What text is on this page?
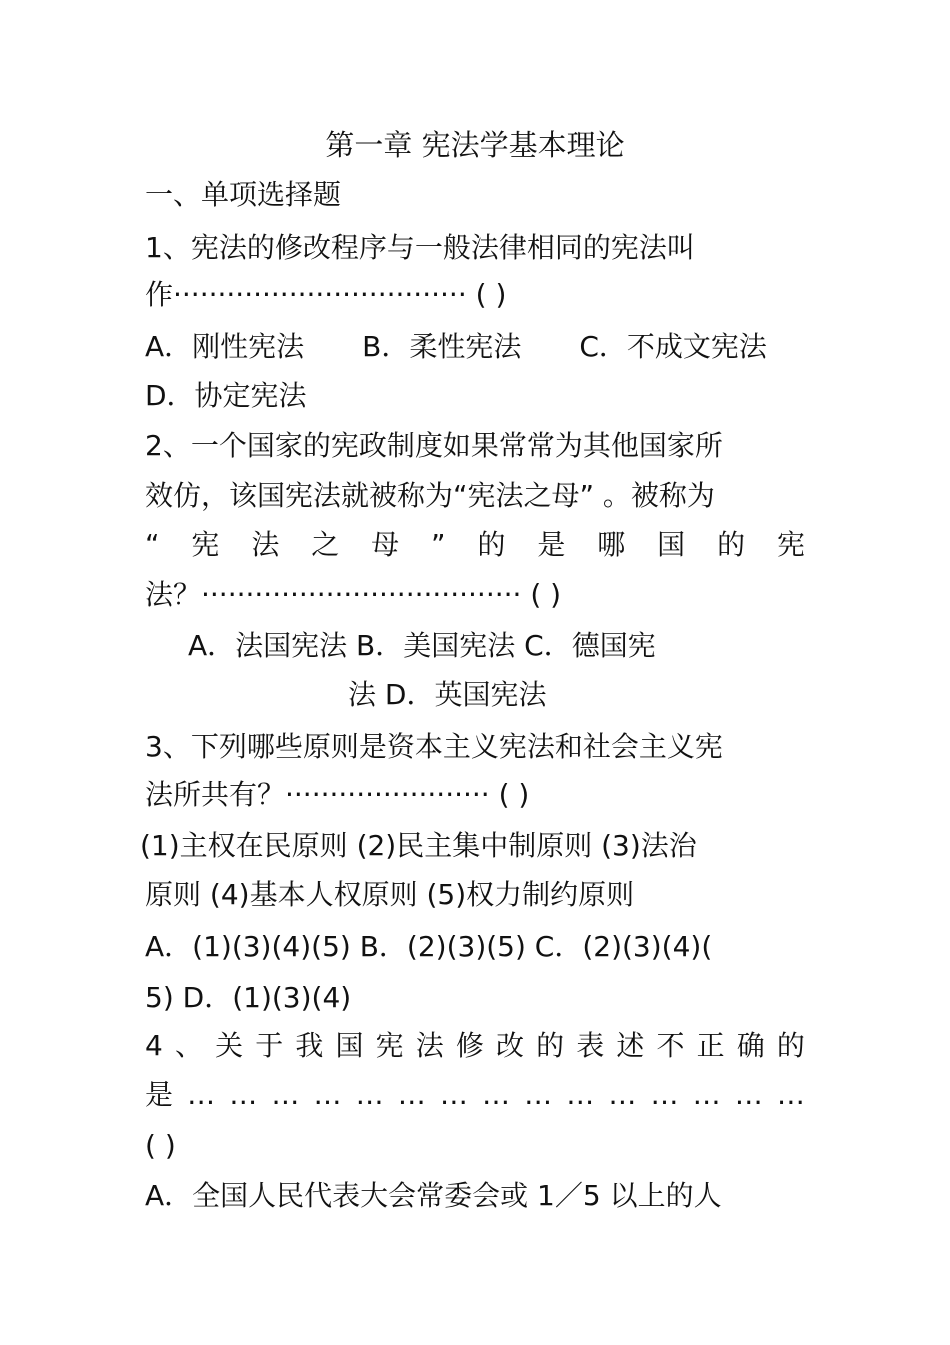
第一章 宪法学基本理论
一、单项选择题
1、宪法的修改程序与一般法律相同的宪法叫
作································· ( )
A．刚性宪法 B．柔性宪法 C．不成文宪法
D．协定宪法
2、一个国家的宪政制度如果常常为其他国家所
效仿，该国宪法就被称为“宪法之母” 。被称为
“ 宪 法 之 母 ” 的 是 哪 国 的 宪
法？···································· ( )
A．法国宪法 B．美国宪法 C．德国宪
法 D．英国宪法
3、下列哪些原则是资本主义宪法和社会主义宪
法所共有？······················· ( )
(1)主权在民原则 (2)民主集中制原则 (3)法治
原则 (4)基本人权原则 (5)权力制约原则
A．(1)(3)(4)(5) B．(2)(3)(5) C．(2)(3)(4)(
5) D．(1)(3)(4)
4 、 关 于 我 国 宪 法 修 改 的 表 述 不 正 确 的
是 … … … … … … … … … … … … … … …
( )
A．全国人民代表大会常委会或 1／5 以上的人
